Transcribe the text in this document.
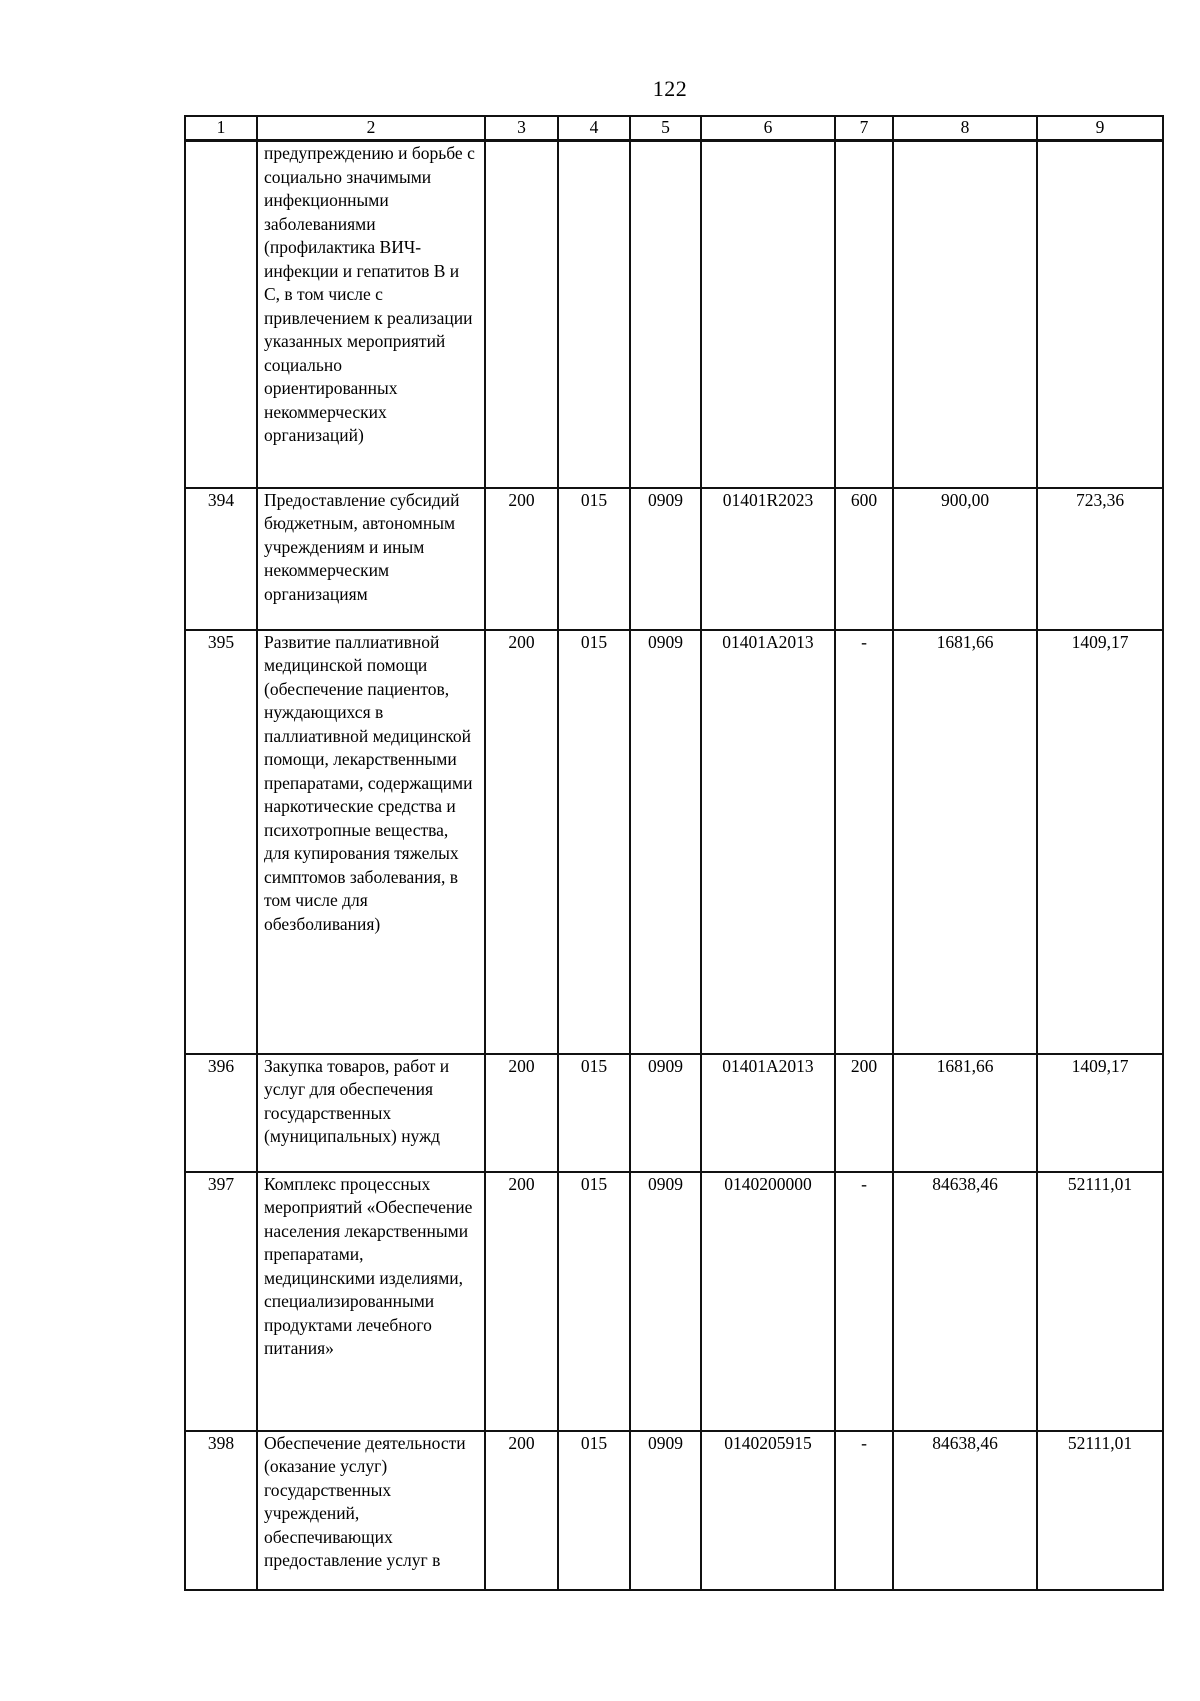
122
1	2	3	4	5	6	7	8	9
	предупреждению и борьбе с социально значимыми инфекционными заболеваниями (профилактика ВИЧ-инфекции и гепатитов В и С, в том числе с привлечением к реализации указанных мероприятий социально ориентированных некоммерческих организаций)							
394	Предоставление субсидий бюджетным, автономным учреждениям и иным некоммерческим организациям	200	015	0909	01401R2023	600	900,00	723,36
395	Развитие паллиативной медицинской помощи (обеспечение пациентов, нуждающихся в паллиативной медицинской помощи, лекарственными препаратами, содержащими наркотические средства и психотропные вещества, для купирования тяжелых симптомов заболевания, в том числе для обезболивания)	200	015	0909	01401A2013	-	1681,66	1409,17
396	Закупка товаров, работ и услуг для обеспечения государственных (муниципальных) нужд	200	015	0909	01401A2013	200	1681,66	1409,17
397	Комплекс процессных мероприятий «Обеспечение населения лекарственными препаратами, медицинскими изделиями, специализированными продуктами лечебного питания»	200	015	0909	0140200000	-	84638,46	52111,01
398	Обеспечение деятельности (оказание услуг) государственных учреждений, обеспечивающих предоставление услуг в	200	015	0909	0140205915	-	84638,46	52111,01
